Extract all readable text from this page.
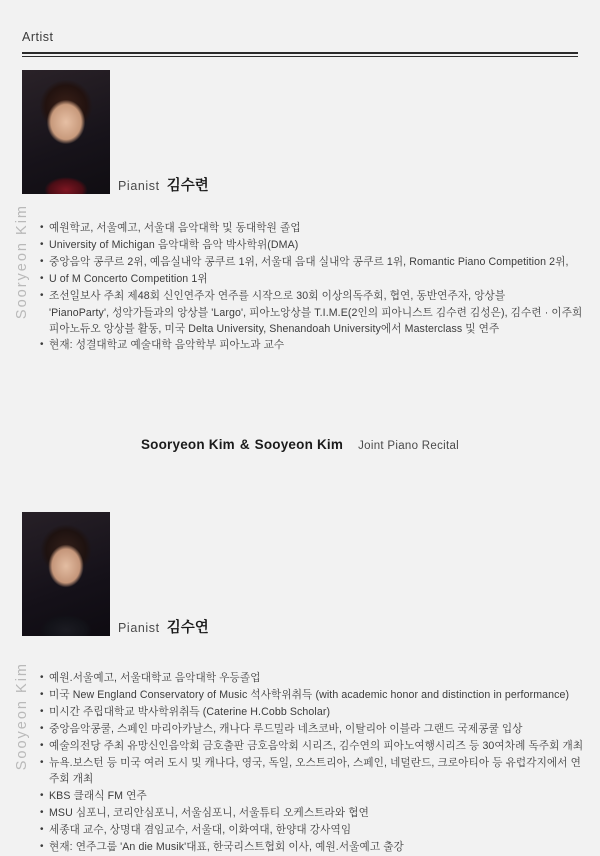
Artist
Sooryeon Kim
Pianist 김수련
• 예원학교, 서울예고, 서울대 음악대학 및 동대학원 졸업
• University of Michigan 음악대학 음악 박사학위(DMA)
• 중앙음악 콩쿠르 2위, 예음실내악 콩쿠르 1위, 서울대 음대 실내악 콩쿠르 1위, Romantic Piano Competition 2위,
• U of M Concerto Competition 1위
• 조선일보사 주최 제48회 신인연주자 연주를 시작으로 30회 이상의독주회, 협연, 동반연주자, 앙상블
'PianoParty', 성악가들과의 앙상블 'Largo', 피아노앙상블 T.I.M.E(2인의 피아니스트 김수련 김성은), 김수련 · 이주희
피아노듀오 앙상블 활동, 미국 Delta University, Shenandoah University에서 Masterclass 및 연주
• 현재: 성결대학교 예술대학 음악학부 피아노과 교수
Sooryeon Kim & Sooyeon Kim Joint Piano Recital
Sooyeon Kim
Pianist 김수연
• 예원.서울예고, 서울대학교 음악대학 우등졸업
• 미국 New England Conservatory of Music 석사학위취득 (with academic honor and distinction in performance)
• 미시간 주립대학교 박사학위취득 (Caterine H.Cobb Scholar)
• 중앙음악콩쿨, 스페인 마리아카날스, 캐나다 루드밀라 네츠코바, 이탈리아 이블라 그랜드 국제콩쿨 입상
• 예술의전당 주최 유망신인음악회 금호출판 금호음악회 시리즈, 김수연의 피아노여행시리즈 등 30여차례 독주회 개최
• 뉴욕.보스턴 등 미국 여러 도시 및 캐나다, 영국, 독일, 오스트리아, 스페인, 네덜란드, 크로아티아 등 유럽각지에서 연주회 개최
• KBS 클래식 FM 연주
• MSU 심포니, 코리안심포니, 서울심포니, 서울튜티 오케스트라와 협연
• 세종대 교수, 상명대 겸임교수, 서울대, 이화여대, 한양대 강사역임
• 현재: 연주그룹 'An die Musik'대표, 한국리스트협회 이사, 예원.서울예고 출강
